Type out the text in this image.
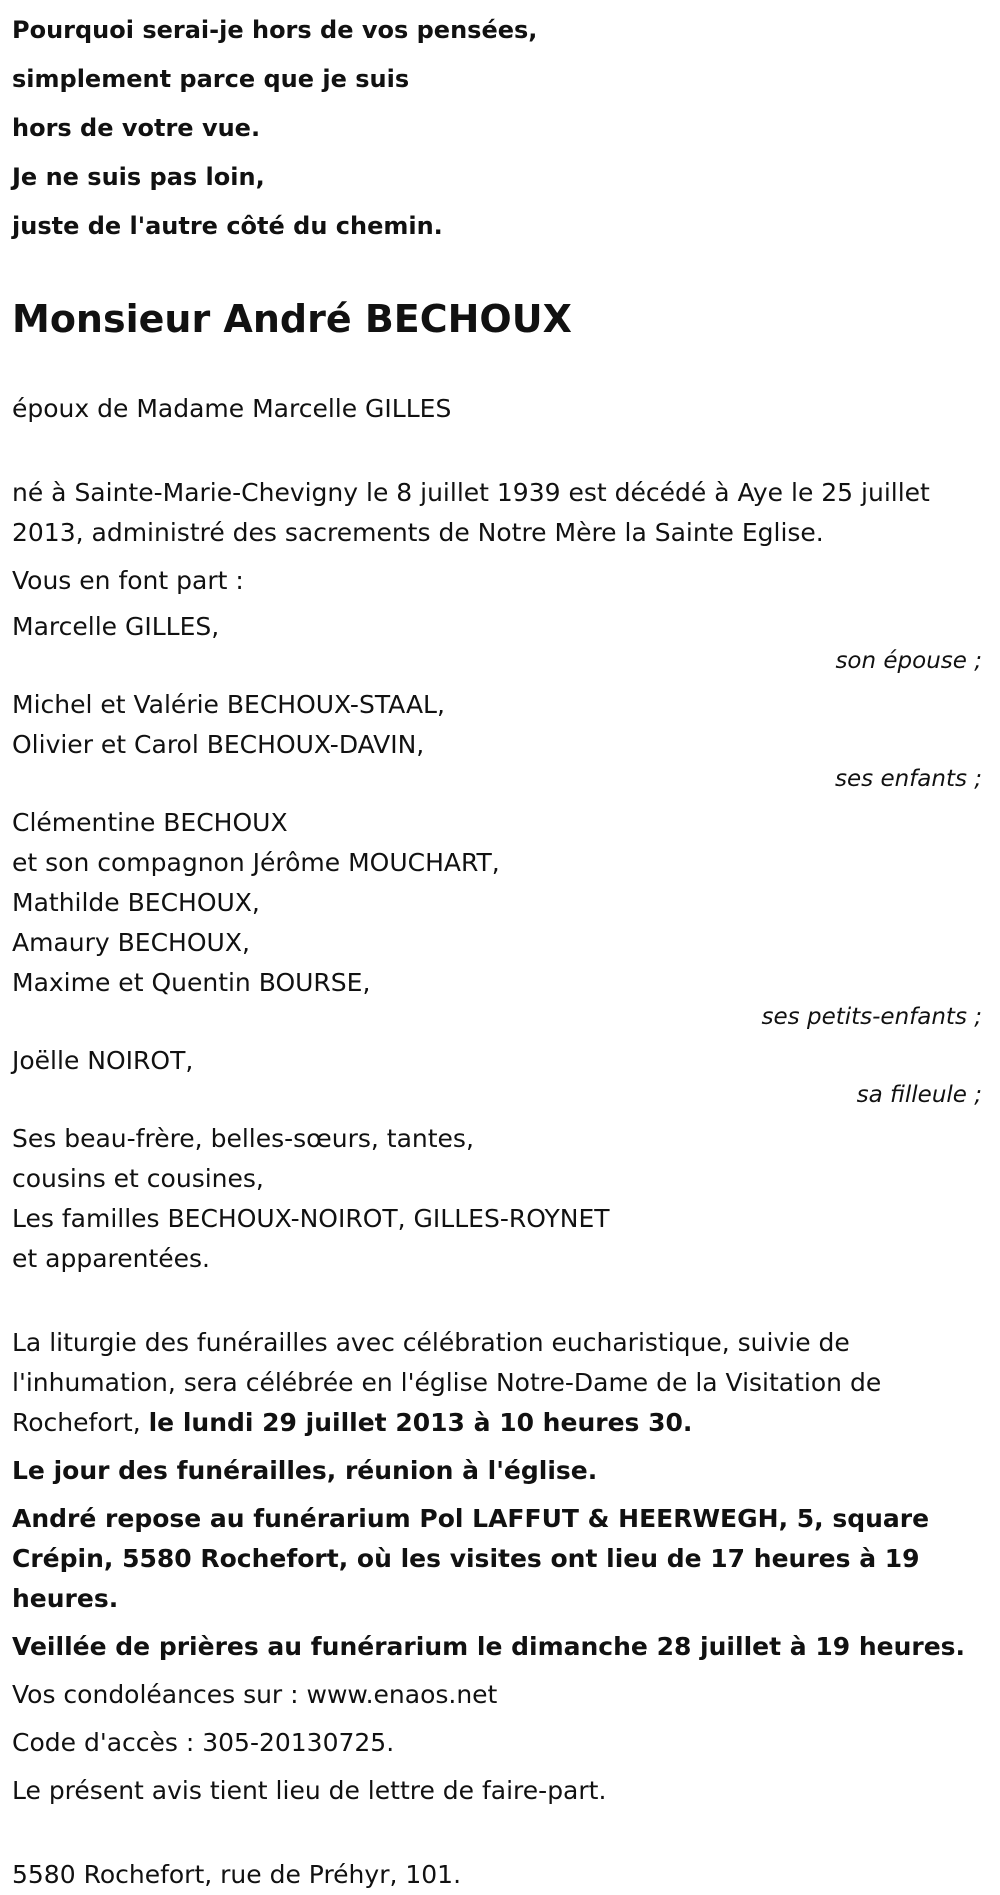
Pourquoi serai-je hors de vos pensées,

simplement parce que je suis

hors de votre vue.

Je ne suis pas loin,

juste de l'autre côté du chemin.

Monsieur André BECHOUX

époux de Madame Marcelle GILLES

né à Sainte-Marie-Chevigny le 8 juillet 1939 est décédé à Aye le 25 juillet 2013, administré des sacrements de Notre Mère la Sainte Eglise.

Vous en font part :

Marcelle GILLES,

son épouse ;

Michel et Valérie BECHOUX-STAAL,

Olivier et Carol BECHOUX-DAVIN,

ses enfants ;

Clémentine BECHOUX

et son compagnon Jérôme MOUCHART,

Mathilde BECHOUX,

Amaury BECHOUX,

Maxime et Quentin BOURSE,

ses petits-enfants ;

Joëlle NOIROT,

sa filleule ;

Ses beau-frère, belles-sœurs, tantes,

cousins et cousines,

Les familles BECHOUX-NOIROT, GILLES-ROYNET

et apparentées.

La liturgie des funérailles avec célébration eucharistique, suivie de l'inhumation, sera célébrée en l'église Notre-Dame de la Visitation de Rochefort, le lundi 29 juillet 2013 à 10 heures 30.

Le jour des funérailles, réunion à l'église.

André repose au funérarium Pol LAFFUT & HEERWEGH, 5, square Crépin, 5580 Rochefort, où les visites ont lieu de 17 heures à 19 heures.

Veillée de prières au funérarium le dimanche 28 juillet à 19 heures.

Vos condoléances sur : www.enaos.net

Code d'accès : 305-20130725.

Le présent avis tient lieu de lettre de faire-part.

5580 Rochefort, rue de Préhyr, 101.
